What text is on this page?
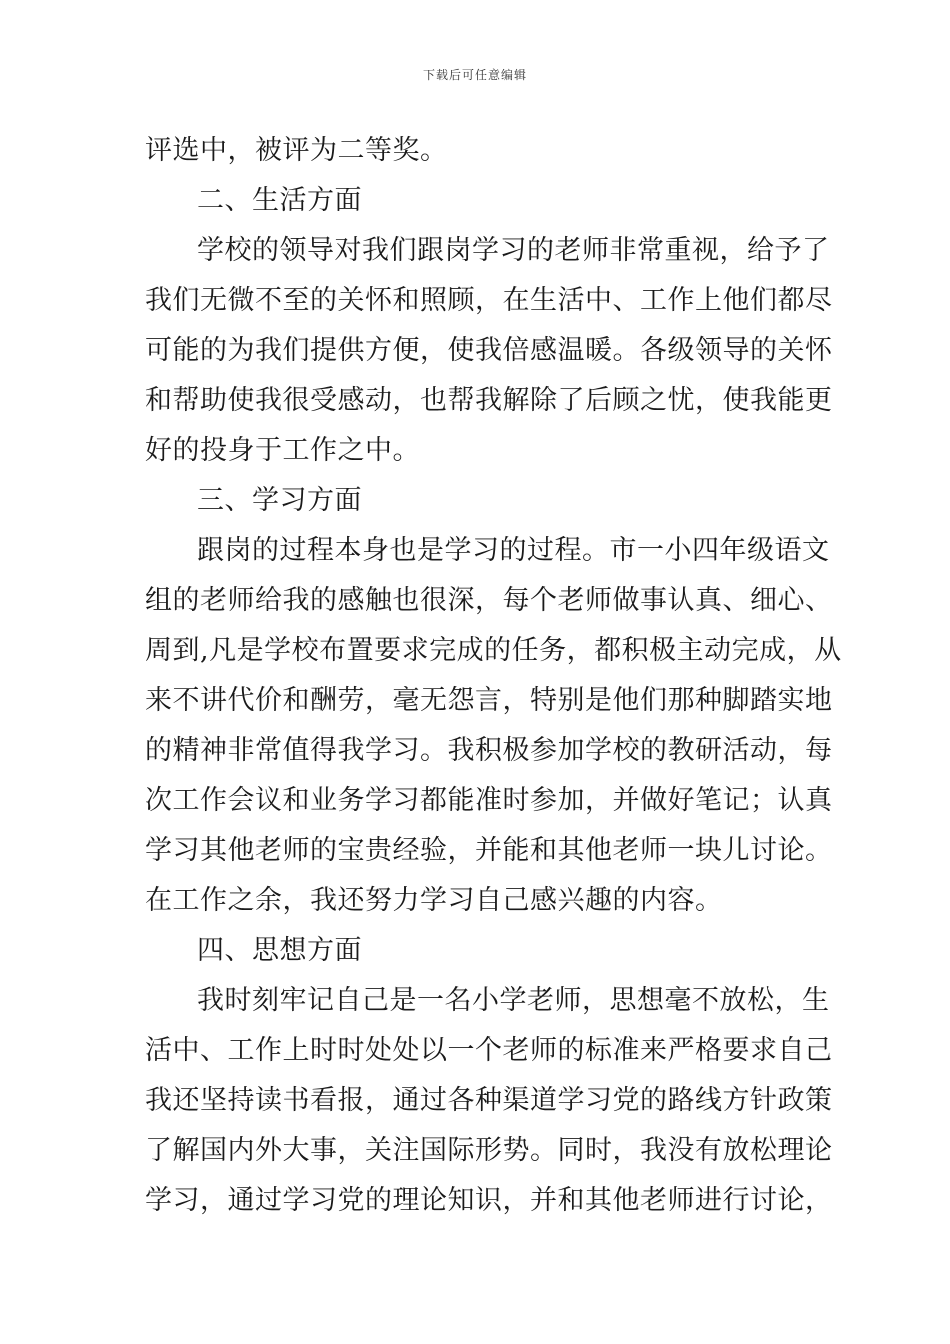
下载后可任意编辑
评选中，被评为二等奖。
二、生活方面
学校的领导对我们跟岗学习的老师非常重视，给予了
我们无微不至的关怀和照顾，在生活中、工作上他们都尽
可能的为我们提供方便，使我倍感温暖。各级领导的关怀
和帮助使我很受感动，也帮我解除了后顾之忧，使我能更
好的投身于工作之中。
三、学习方面
跟岗的过程本身也是学习的过程。市一小四年级语文
组的老师给我的感触也很深，每个老师做事认真、细心、
周到,凡是学校布置要求完成的任务，都积极主动完成，从
来不讲代价和酬劳，毫无怨言，特别是他们那种脚踏实地
的精神非常值得我学习。我积极参加学校的教研活动，每
次工作会议和业务学习都能准时参加，并做好笔记；认真
学习其他老师的宝贵经验，并能和其他老师一块儿讨论。
在工作之余，我还努力学习自己感兴趣的内容。
四、思想方面
我时刻牢记自己是一名小学老师，思想毫不放松，生
活中、工作上时时处处以一个老师的标准来严格要求自己
我还坚持读书看报，通过各种渠道学习党的路线方针政策
了解国内外大事，关注国际形势。同时，我没有放松理论
学习，通过学习党的理论知识，并和其他老师进行讨论，
